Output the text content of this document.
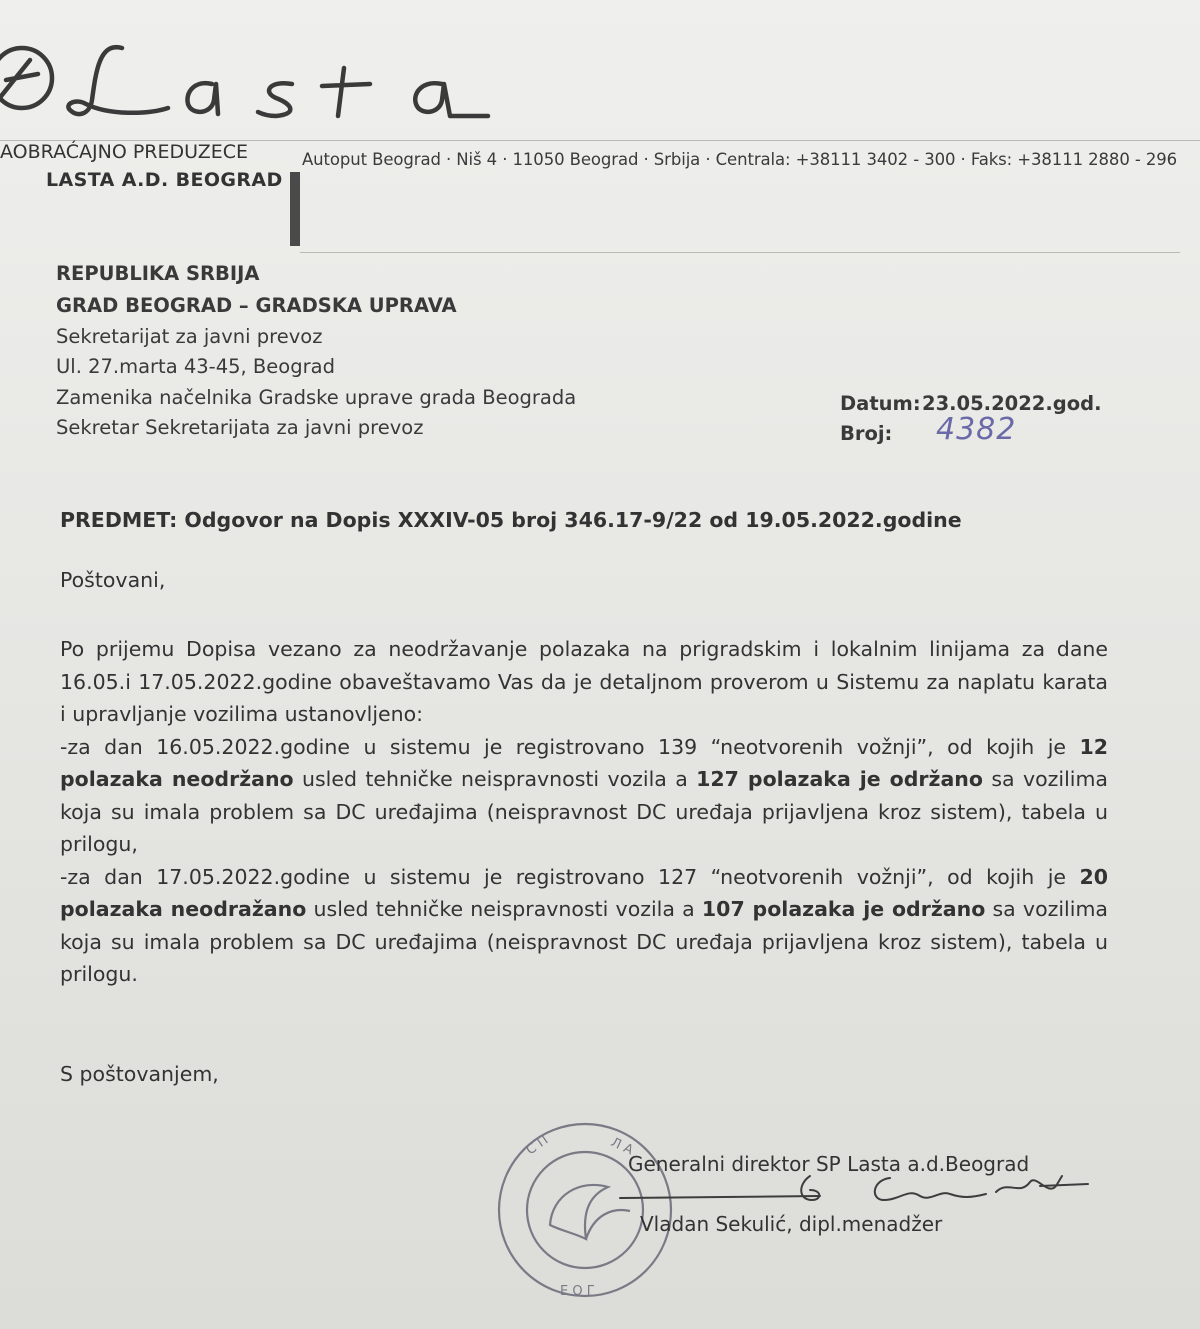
Lasta
AOBRAĆAJNO PREDUZECE
LASTA A.D. BEOGRAD
Autoput Beograd · Niš 4 · 11050 Beograd · Srbija · Centrala: +38111 3402 - 300 · Faks: +38111 2880 - 296
REPUBLIKA SRBIJA
GRAD BEOGRAD – GRADSKA UPRAVA
Sekretarijat za javni prevoz
Ul. 27.marta 43-45, Beograd
Zamenika načelnika Gradske uprave grada Beograda
Sekretar Sekretarijata za javni prevoz
Datum: 23.05.2022.god.
Broj: 4382
PREDMET: Odgovor na Dopis XXXIV-05 broj 346.17-9/22 od 19.05.2022.godine
Poštovani,
Po prijemu Dopisa vezano za neodržavanje polazaka na prigradskim i lokalnim linijama za dane 16.05.i 17.05.2022.godine obaveštavamo Vas da je detaljnom proverom u Sistemu za naplatu karata i upravljanje vozilima ustanovljeno:
-za dan 16.05.2022.godine u sistemu je registrovano 139 “neotvorenih vožnji”, od kojih je 12 polazaka neodržano usled tehničke neispravnosti vozila a 127 polazaka je održano sa vozilima koja su imala problem sa DC uređajima (neispravnost DC uređaja prijavljena kroz sistem), tabela u prilogu,
-za dan 17.05.2022.godine u sistemu je registrovano 127 “neotvorenih vožnji”, od kojih je 20 polazaka neodražano usled tehničke neispravnosti vozila a 107 polazaka je održano sa vozilima koja su imala problem sa DC uređajima (neispravnost DC uređaja prijavljena kroz sistem), tabela u prilogu.
S poštovanjem,
С П	Л А
Е О Г
Generalni direktor SP Lasta a.d.Beograd
Vladan Sekulić, dipl.menadžer
